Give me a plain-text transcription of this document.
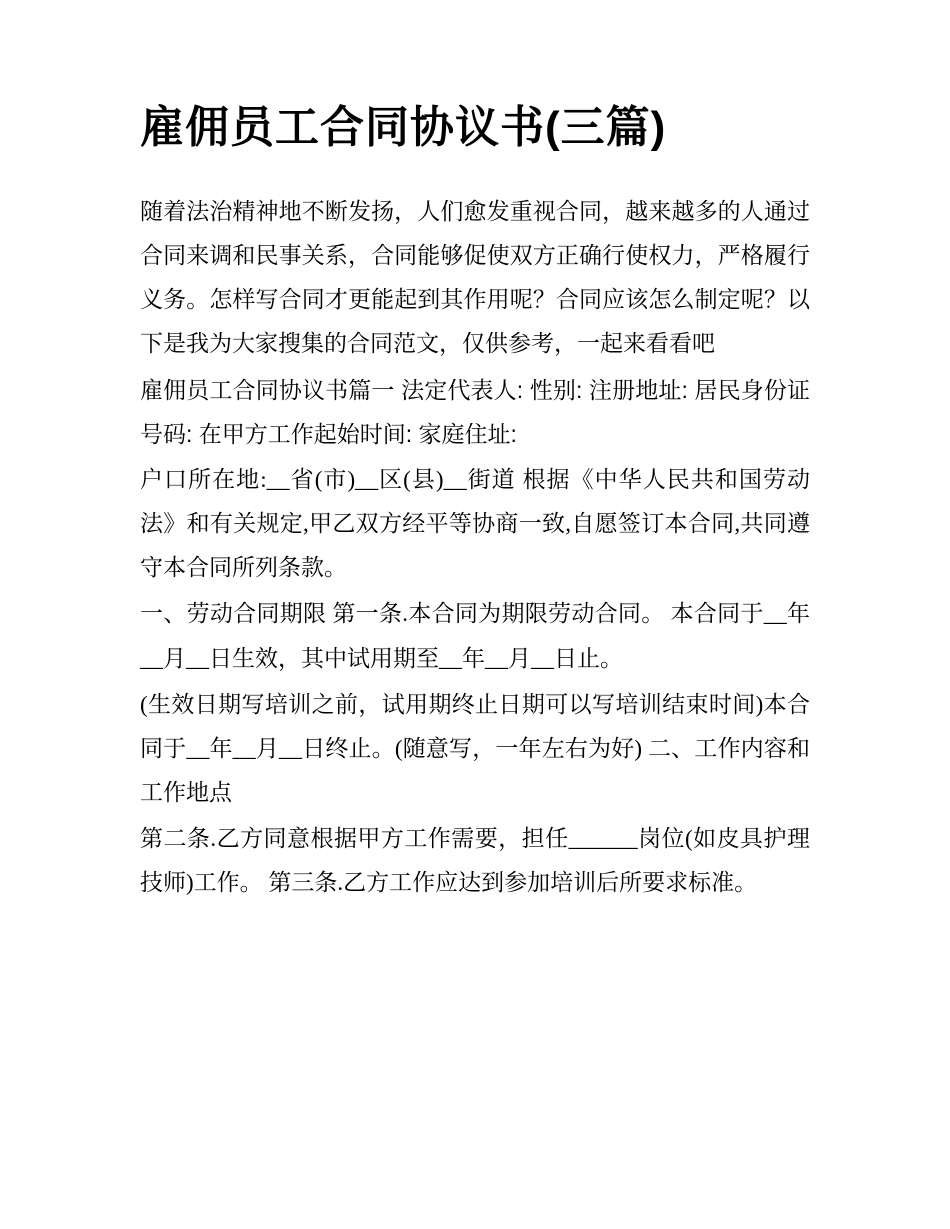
雇佣员工合同协议书(三篇)

随着法治精神地不断发扬，人们愈发重视合同，越来越多的人通过合同来调和民事关系，合同能够促使双方正确行使权力，严格履行义务。怎样写合同才更能起到其作用呢？合同应该怎么制定呢？以下是我为大家搜集的合同范文，仅供参考，一起来看看吧

雇佣员工合同协议书篇一 法定代表人: 性别: 注册地址: 居民身份证号码: 在甲方工作起始时间: 家庭住址:

户口所在地:__省(市)__区(县)__街道 根据《中华人民共和国劳动法》和有关规定,甲乙双方经平等协商一致,自愿签订本合同,共同遵守本合同所列条款。

一、劳动合同期限 第一条.本合同为期限劳动合同。 本合同于__年__月__日生效，其中试用期至__年__月__日止。

(生效日期写培训之前，试用期终止日期可以写培训结束时间)本合同于__年__月__日终止。(随意写，一年左右为好) 二、工作内容和工作地点

第二条.乙方同意根据甲方工作需要，担任______岗位(如皮具护理技师)工作。 第三条.乙方工作应达到参加培训后所要求标准。
